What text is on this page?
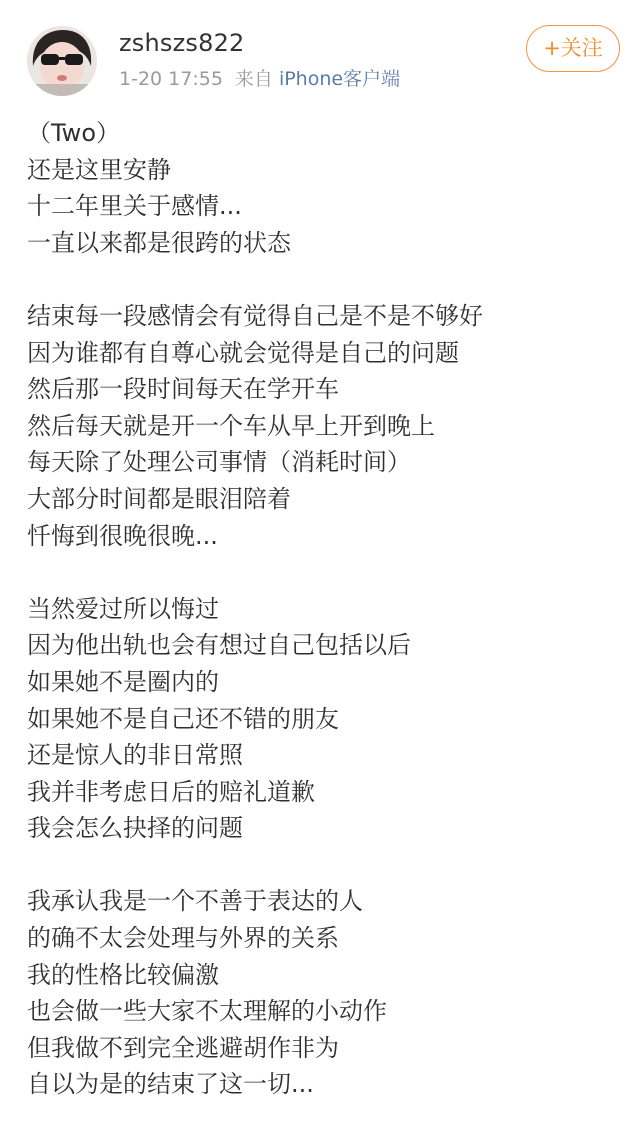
zshszs822
1-20 17:55 来自 iPhone客户端
+关注

（Two）

还是这里安静

十二年里关于感情...

一直以来都是很跨的状态

结束每一段感情会有觉得自己是不是不够好

因为谁都有自尊心就会觉得是自己的问题

然后那一段时间每天在学开车

然后每天就是开一个车从早上开到晚上

每天除了处理公司事情（消耗时间）

大部分时间都是眼泪陪着

忏悔到很晚很晚...

当然爱过所以悔过

因为他出轨也会有想过自己包括以后

如果她不是圈内的

如果她不是自己还不错的朋友

还是惊人的非日常照

我并非考虑日后的赔礼道歉

我会怎么抉择的问题

我承认我是一个不善于表达的人

的确不太会处理与外界的关系

我的性格比较偏激

也会做一些大家不太理解的小动作

但我做不到完全逃避胡作非为

自以为是的结束了这一切...
